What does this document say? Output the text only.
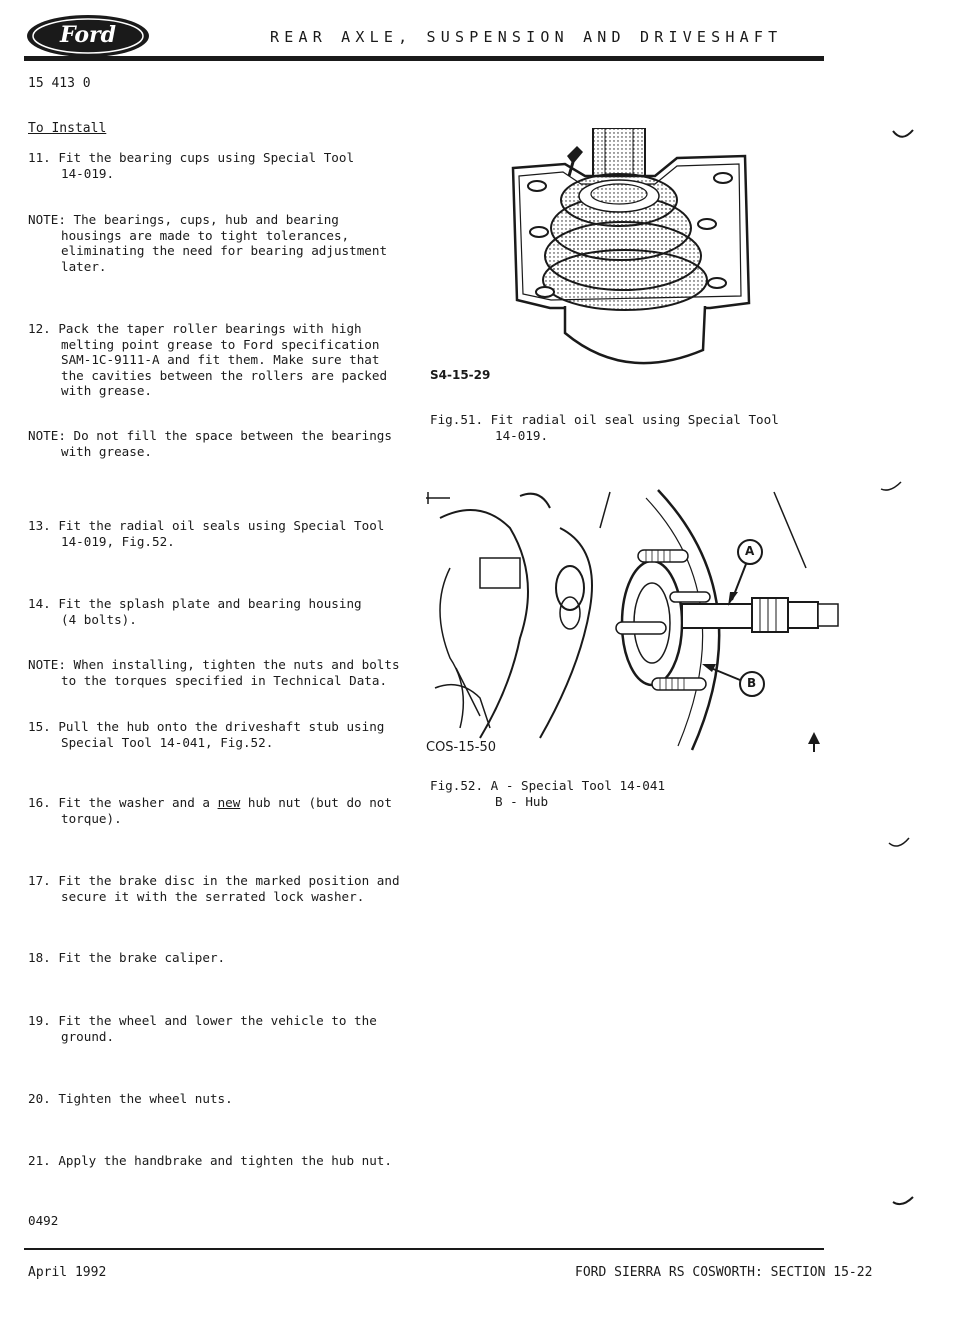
Ford	REAR AXLE, SUSPENSION AND DRIVESHAFT
15 413 0
To Install
11. Fit the bearing cups using Special Tool
14-019.
NOTE: The bearings, cups, hub and bearing
housings are made to tight tolerances,
eliminating the need for bearing adjustment
later.
12. Pack the taper roller bearings with high
melting point grease to Ford specification
SAM-1C-9111-A and fit them. Make sure that
the cavities between the rollers are packed
with grease.
NOTE: Do not fill the space between the bearings
with grease.
13. Fit the radial oil seals using Special Tool
14-019, Fig.52.
14. Fit the splash plate and bearing housing
(4 bolts).
NOTE: When installing, tighten the nuts and bolts
to the torques specified in Technical Data.
15. Pull the hub onto the driveshaft stub using
Special Tool 14-041, Fig.52.
16. Fit the washer and a new hub nut (but do not
torque).
17. Fit the brake disc in the marked position and
secure it with the serrated lock washer.
18. Fit the brake caliper.
19. Fit the wheel and lower the vehicle to the
ground.
20. Tighten the wheel nuts.
21. Apply the handbrake and tighten the hub nut.
S4-15-29
Fig.51. Fit radial oil seal using Special Tool
14-019.
A
B
COS-15-50
Fig.52. A - Special Tool 14-041
B - Hub
0492
April 1992	FORD SIERRA RS COSWORTH: SECTION 15-22
